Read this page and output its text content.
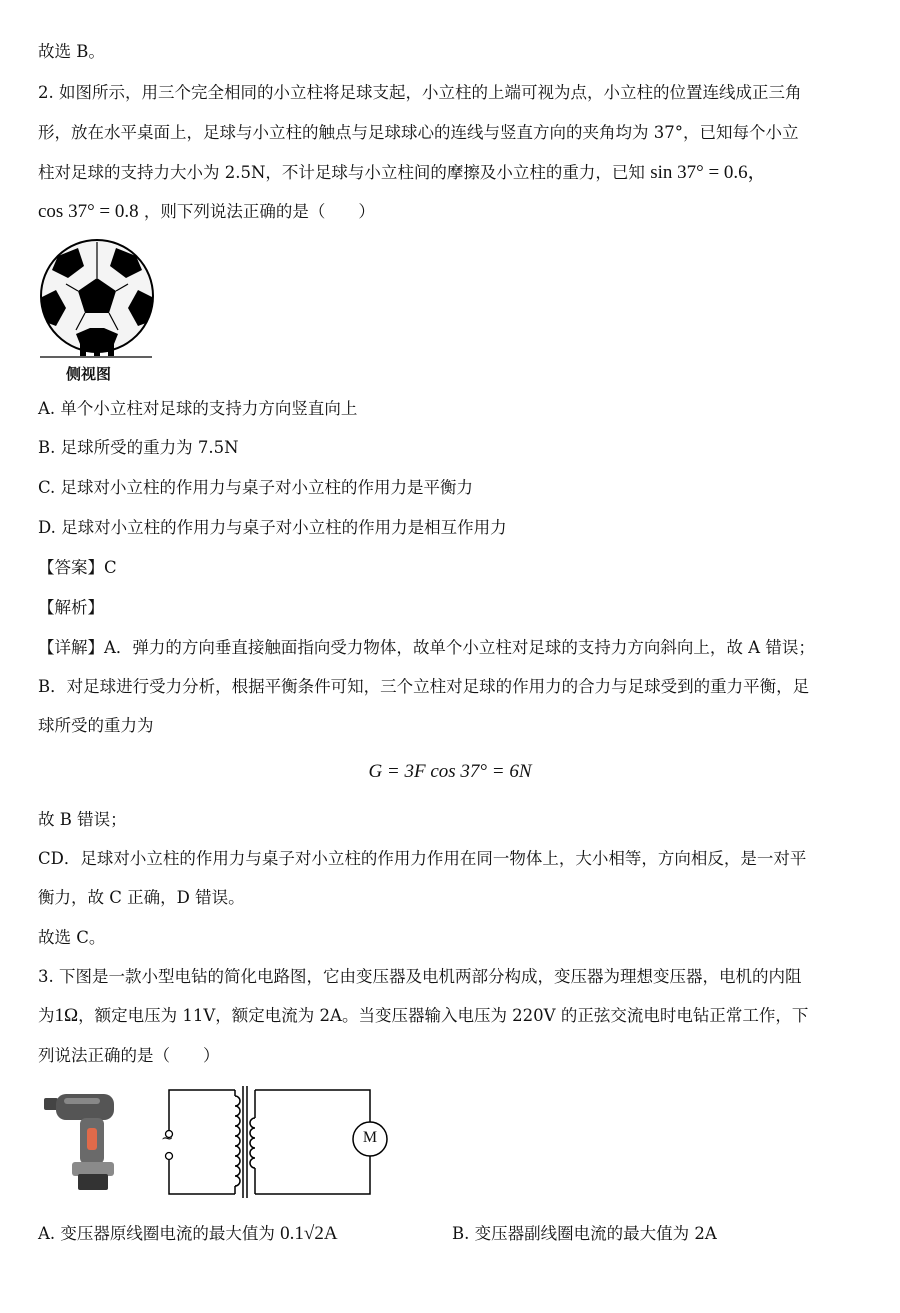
故选 B。
2. 如图所示，用三个完全相同的小立柱将足球支起，小立柱的上端可视为点，小立柱的位置连线成正三角
形，放在水平桌面上，足球与小立柱的触点与足球球心的连线与竖直方向的夹角均为 37°，已知每个小立
柱对足球的支持力大小为 2.5N，不计足球与小立柱间的摩擦及小立柱的重力，已知 sin 37° = 0.6，
cos 37° = 0.8 ，则下列说法正确的是（　　）
侧视图
A. 单个小立柱对足球的支持力方向竖直向上
B. 足球所受的重力为 7.5N
C. 足球对小立柱的作用力与桌子对小立柱的作用力是平衡力
D. 足球对小立柱的作用力与桌子对小立柱的作用力是相互作用力
【答案】C
【解析】
【详解】A．弹力的方向垂直接触面指向受力物体，故单个小立柱对足球的支持力方向斜向上，故 A 错误；
B．对足球进行受力分析，根据平衡条件可知，三个立柱对足球的作用力的合力与足球受到的重力平衡，足
球所受的重力为
G = 3F cos 37° = 6N
故 B 错误；
CD．足球对小立柱的作用力与桌子对小立柱的作用力作用在同一物体上，大小相等，方向相反，是一对平
衡力，故 C 正确，D 错误。
故选 C。
3. 下图是一款小型电钻的简化电路图，它由变压器及电机两部分构成，变压器为理想变压器，电机的内阻
为1Ω，额定电压为 11V，额定电流为 2A。当变压器输入电压为 220V 的正弦交流电时电钻正常工作，下
列说法正确的是（　　）
~	M
A. 变压器原线圈电流的最大值为 0.1√2A	B. 变压器副线圈电流的最大值为 2A
